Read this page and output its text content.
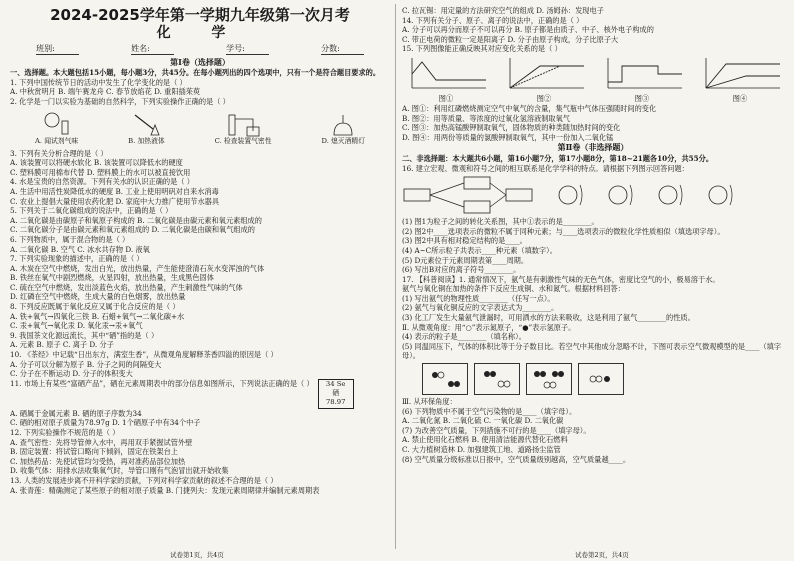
2024-2025学年第一学期九年级第一次月考
化 学
班别:	姓名:	学号:	分数:
第Ⅰ卷（选择题）

一、选择题。本大题包括15小题，每小题3分，共45分。在每小题列出的四个选项中，只有一个是符合题目要求的。

1. 下列中国传统节日的活动中发生了化学变化的是（ ）

A. 中秋赏明月 B. 端午赛龙舟 C. 春节放焰花 D. 重阳插茱萸

2. 化学是一门以实验为基础的自然科学，下列实验操作正确的是（ ）

A. 闻试剂气味	B. 加热液体	C. 检查装置气密性	D. 熄灭酒精灯

3. 下列有关分析合理的是（ ）

A. 该装置可以将硬水软化 B. 该装置可以降低水的硬度

C. 塑料膜可用棉布代替 D. 塑料膜上的水可以被直接饮用

4. 水是宝贵的自然资源。下列有关水的认识正确的是（ ）

A. 生活中用活性炭降低水的硬度 B. 工业上使用明矾对自来水消毒

C. 农业上提倡大量使用农药化肥 D. 家庭中大力推广使用节水器具

5. 下列关于二氧化碳组成的说法中，正确的是（ ）

A. 二氧化碳是由碳原子和氧原子构成的 B. 二氧化碳是由碳元素和氧元素组成的

C. 二氧化碳分子是由碳元素和氧元素组成的 D. 二氧化碳是由碳和氧气组成的

6. 下列物质中，属于混合物的是（ ）

A. 二氧化碳 B. 空气 C. 冰水共存物 D. 液氧

7. 下列实验现象的描述中，正确的是（ ）

A. 木炭在空气中燃烧，发出白光，放出热量，产生能使澄清石灰水变浑浊的气体

B. 铁丝在氧气中剧烈燃烧，火星四射，放出热量，生成黑色固体

C. 硫在空气中燃烧，发出淡蓝色火焰，放出热量，产生刺激性气味的气体

D. 红磷在空气中燃烧，生成大量的白色烟雾，放出热量

8. 下列反应既属于氧化反应又属于化合反应的是（ ）

A. 铁+氧气→四氧化三铁 B. 石蜡+氧气→二氧化碳+水

C. 汞+氧气→氧化汞 D. 氧化汞→汞+氧气

9. 我国茶文化源远流长，其中“硒”指的是（ ）

A. 元素 B. 原子 C. 离子 D. 分子

10. 《茶经》中记载“日出东方，满室生香”，从微观角度解释茶香四溢的原因是（ ）

A. 分子可以分解为原子 B. 分子之间的间隔变大

C. 分子在不断运动 D. 分子的体积变大

11. 市场上有某些“富硒产品”，硒在元素周期表中的部分信息如图所示，下列说法正确的是（ ） 34 Se
硒
78.97

A. 硒属于金属元素 B. 硒的原子序数为34

C. 硒的相对原子质量为78.97g D. 1个硒原子中有34个中子

12. 下列实验操作不规范的是（ ）

A. 查气密性：先将导管伸入水中，再用双手紧握试管外壁

B. 固定装置：将试管口略向下倾斜，固定在铁架台上

C. 加热药品：先使试管均匀受热，再对准药品部位加热

D. 收集气体：用排水法收集氧气时，导管口刚有气泡冒出就开始收集

13. 人类的发展进步离不开科学家的贡献，下列对科学家贡献的叙述不合理的是（ ）

A. 张青莲：精确测定了某些原子的相对原子质量 B. 门捷列夫：发现元素周期律并编制元素周期表

C. 拉瓦锡：用定量的方法研究空气的组成 D. 汤姆孙：发现电子

14. 下列有关分子、原子、离子的说法中，正确的是（ ）

A. 分子可以再分而原子不可以再分 B. 原子都是由质子、中子、核外电子构成的

C. 带正电荷的微粒一定是阳离子 D. 分子由原子构成，分子比原子大

15. 下列图像能正确反映其对应变化关系的是（ ）

图①	图②	图③	图④

A. 图①：利用红磷燃烧测定空气中氧气的含量，集气瓶中气体压强随时间的变化

B. 图②：用等质量、等浓度的过氧化氢溶液制取氧气

C. 图③：加热高锰酸钾制取氧气，固体物质的种类随加热时间的变化

D. 图④：用两份等质量的氯酸钾制取氧气，其中一份加入二氧化锰

第Ⅱ卷（非选择题）

二、非选择题：本大题共6小题，第16小题7分，第17小题8分，第18~21题各10分，共55分。

16. 建立宏观、微观和符号之间的相互联系是化学学科的特点。请根据下列图示回答问题：

(1) 图1为粒子之间的转化关系图，其中①表示的是________。

(2) 图2中____选项表示的微粒不属于同种元素；与____选项表示的微粒化学性质相似（填选项字母）。

(3) 图2中具有相对稳定结构的是____。

(4) A~C所示粒子共表示____种元素（填数字）。

(5) D元素位于元素周期表第____周期。

(6) 写出B对应的离子符号________。

17. 【科普阅读】1. 通常情况下，氨气是有刺激性气味的无色气体，密度比空气的小，极易溶于水。

氨气与氧化铜在加热的条件下反应生成铜、水和氮气。根据材料回答：

(1) 写出氨气的物理性质________（任写一点）。

(2) 氨气与氧化铜反应的文字表达式为________。

(3) 化工厂发生大量氨气泄漏时，可用洒水的方法来吸收，这是利用了氨气________的性质。

Ⅱ. 从微观角度：用“○”表示氮原子，“●”表示氢原子。

(4) 表示的粒子是________（填名称）。

(5) 同温同压下，气体的体积比等于分子数目比。若空气中其他成分忽略不计，下图可表示空气微观模型的是____（填字母）。

Ⅲ. 从环保角度：

(6) 下列物质中不属于空气污染物的是____（填字母）。

A. 二氧化氮 B. 二氧化硫 C. 一氧化碳 D. 二氧化碳

(7) 为改善空气质量，下列措施不可行的是____（填字母）。

A. 禁止使用化石燃料 B. 使用清洁能源代替化石燃料

C. 大力植树造林 D. 加强建筑工地、道路扬尘监管

(8) 空气质量分级标准以日报中，空气质量级别越高，空气质量越____。

试卷第1页，共4页	试卷第2页，共4页
